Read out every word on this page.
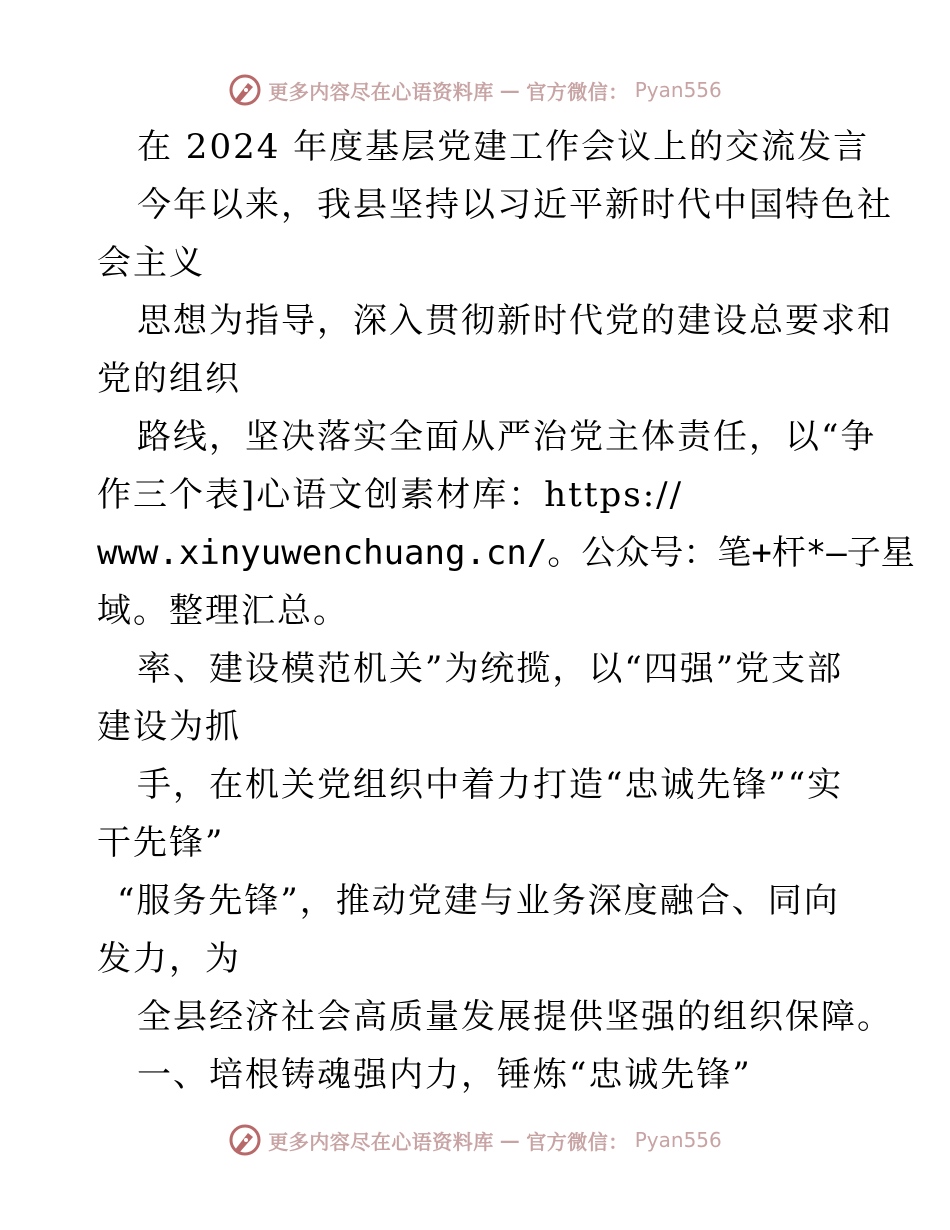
更多内容尽在心语资料库 — 官方微信： Pyan556
在 2024 年度基层党建工作会议上的交流发言
今年以来，我县坚持以习近平新时代中国特色社
会主义
思想为指导，深入贯彻新时代党的建设总要求和
党的组织
路线，坚决落实全面从严治党主体责任，以“争
作三个表]心语文创素材库：https://
www.xinyuwenchuang.cn/。公众号：笔+杆*—子星
域。整理汇总。
率、建设模范机关”为统揽，以“四强”党支部
建设为抓
手，在机关党组织中着力打造“忠诚先锋”“实
干先锋”
“服务先锋”，推动党建与业务深度融合、同向
发力，为
全县经济社会高质量发展提供坚强的组织保障。
一、培根铸魂强内力，锤炼“忠诚先锋”
更多内容尽在心语资料库 — 官方微信： Pyan556
